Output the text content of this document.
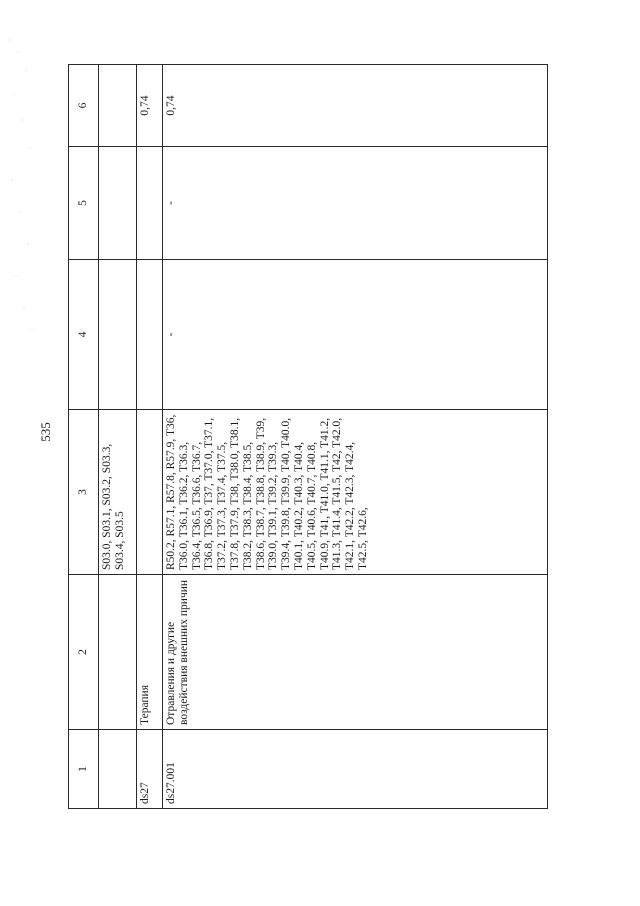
535
1	2	3	4	5	6
		S03.0, S03.1, S03.2, S03.3, S03.4, S03.5			
ds27	Терапия				0,74
ds27.001	Отравления и другие воздействия внешних причин	R50.2, R57.1, R57.8, R57.9, T36, T36.0, T36.1, T36.2, T36.3, T36.4, T36.5, T36.6, T36.7, T36.8, T36.9, T37, T37.0, T37.1, T37.2, T37.3, T37.4, T37.5, T37.8, T37.9, T38, T38.0, T38.1, T38.2, T38.3, T38.4, T38.5, T38.6, T38.7, T38.8, T38.9, T39, T39.0, T39.1, T39.2, T39.3, T39.4, T39.8, T39.9, T40, T40.0, T40.1, T40.2, T40.3, T40.4, T40.5, T40.6, T40.7, T40.8, T40.9, T41, T41.0, T41.1, T41.2, T41.3, T41.4, T41.5, T42, T42.0, T42.1, T42.2, T42.3, T42.4, T42.5, T42.6,	-	-	0,74
